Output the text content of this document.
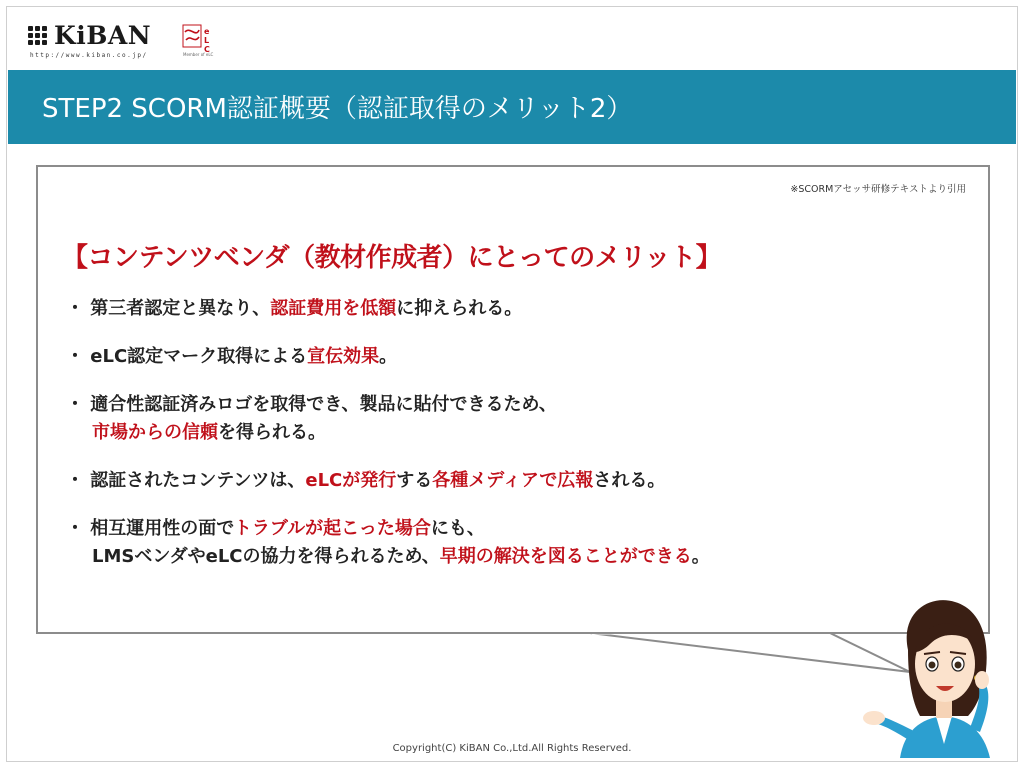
KiBAN
http://www.kiban.co.jp/
e
L
C
Member of eLC
STEP2 SCORM認証概要（認証取得のメリット2）
※SCORMアセッサ研修テキストより引用
【コンテンツベンダ（教材作成者）にとってのメリット】
・ 第三者認定と異なり、認証費用を低額に抑えられる。
・ eLC認定マーク取得による宣伝効果。
・ 適合性認証済みロゴを取得でき、製品に貼付できるため、
市場からの信頼を得られる。
・ 認証されたコンテンツは、eLCが発行する各種メディアで広報される。
・ 相互運用性の面でトラブルが起こった場合にも、
LMSベンダやeLCの協力を得られるため、早期の解決を図ることができる。
Copyright(C) KiBAN Co.,Ltd.All Rights Reserved.
